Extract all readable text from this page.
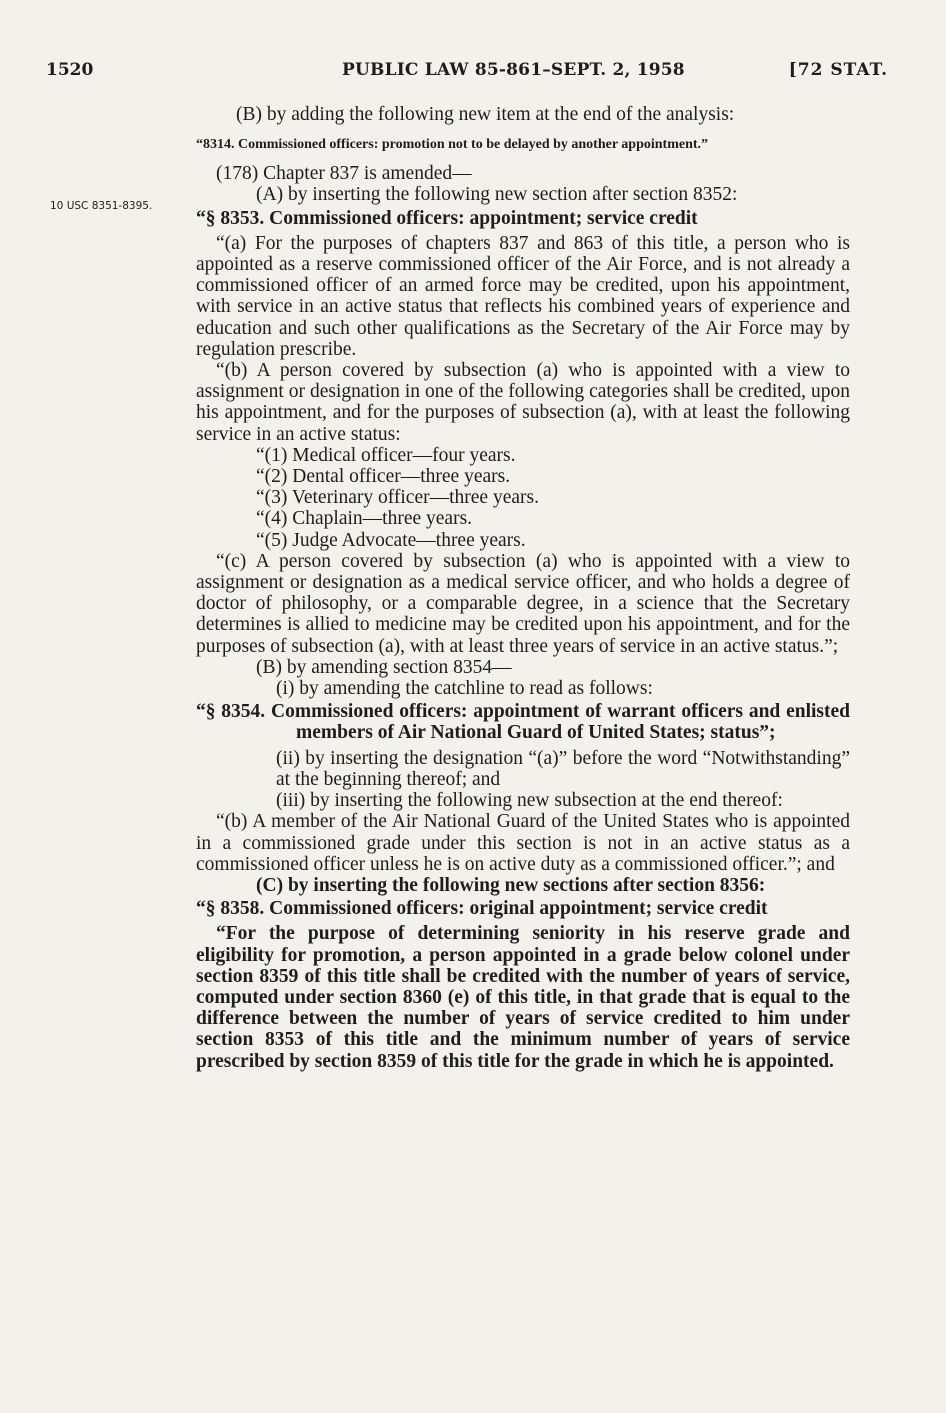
1520	PUBLIC LAW 85-861–SEPT. 2, 1958	[72 STAT.
10 USC 8351-8395.

(B) by adding the following new item at the end of the analysis:

“8314. Commissioned officers: promotion not to be delayed by another appointment.”

(178) Chapter 837 is amended—

(A) by inserting the following new section after section 8352:

“§ 8353. Commissioned officers: appointment; service credit

“(a) For the purposes of chapters 837 and 863 of this title, a person who is appointed as a reserve commissioned officer of the Air Force, and is not already a commissioned officer of an armed force may be credited, upon his appointment, with service in an active status that reflects his combined years of experience and education and such other qualifications as the Secretary of the Air Force may by regulation prescribe.

“(b) A person covered by subsection (a) who is appointed with a view to assignment or designation in one of the following categories shall be credited, upon his appointment, and for the purposes of subsection (a), with at least the following service in an active status:

“(1) Medical officer—four years.

“(2) Dental officer—three years.

“(3) Veterinary officer—three years.

“(4) Chaplain—three years.

“(5) Judge Advocate—three years.

“(c) A person covered by subsection (a) who is appointed with a view to assignment or designation as a medical service officer, and who holds a degree of doctor of philosophy, or a comparable degree, in a science that the Secretary determines is allied to medicine may be credited upon his appointment, and for the purposes of subsection (a), with at least three years of service in an active status.”;

(B) by amending section 8354—

(i) by amending the catchline to read as follows:

“§ 8354. Commissioned officers: appointment of warrant officers and enlisted members of Air National Guard of United States; status”;

(ii) by inserting the designation “(a)” before the word “Notwithstanding” at the beginning thereof; and

(iii) by inserting the following new subsection at the end thereof:

“(b) A member of the Air National Guard of the United States who is appointed in a commissioned grade under this section is not in an active status as a commissioned officer unless he is on active duty as a commissioned officer.”; and

(C) by inserting the following new sections after section 8356:

“§ 8358. Commissioned officers: original appointment; service credit

“For the purpose of determining seniority in his reserve grade and eligibility for promotion, a person appointed in a grade below colonel under section 8359 of this title shall be credited with the number of years of service, computed under section 8360 (e) of this title, in that grade that is equal to the difference between the number of years of service credited to him under section 8353 of this title and the minimum number of years of service prescribed by section 8359 of this title for the grade in which he is appointed.
